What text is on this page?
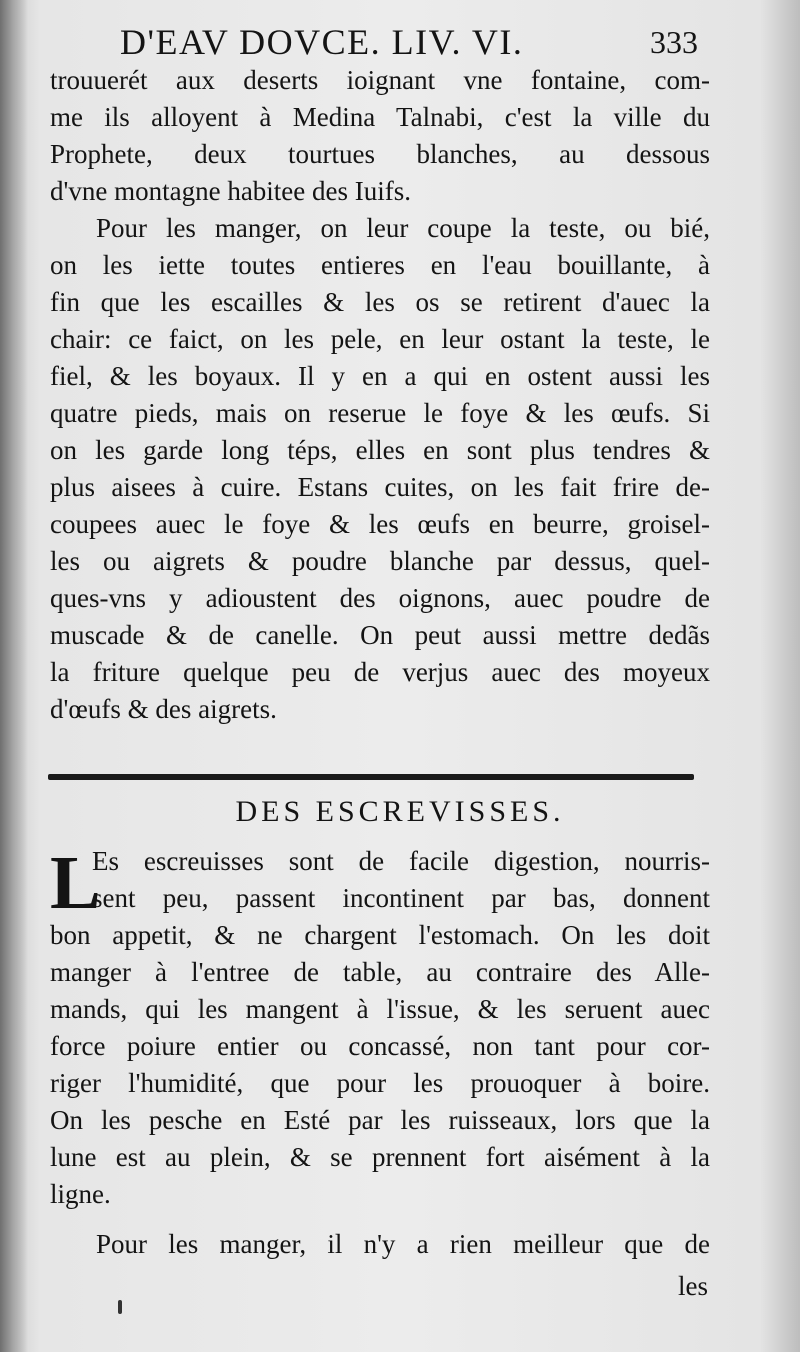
D'EAV DOVCE. LIV. VI.	333
trouuerét aux deserts ioignant vne fontaine, com-
me ils alloyent à Medina Talnabi, c'est la ville du
Prophete, deux tourtues blanches, au dessous
d'vne montagne habitee des Iuifs.
Pour les manger, on leur coupe la teste, ou bié,
on les iette toutes entieres en l'eau bouillante, à
fin que les escailles & les os se retirent d'auec la
chair: ce faict, on les pele, en leur ostant la teste, le
fiel, & les boyaux. Il y en a qui en ostent aussi les
quatre pieds, mais on reserue le foye & les œufs. Si
on les garde long téps, elles en sont plus tendres &
plus aisees à cuire. Estans cuites, on les fait frire de-
coupees auec le foye & les œufs en beurre, groisel-
les ou aigrets & poudre blanche par dessus, quel-
ques-vns y adioustent des oignons, auec poudre de
muscade & de canelle. On peut aussi mettre dedãs
la friture quelque peu de verjus auec des moyeux
d'œufs & des aigrets.
DES ESCREVISSES.
L
Es escreuisses sont de facile digestion, nourris-
sent peu, passent incontinent par bas, donnent
bon appetit, & ne chargent l'estomach. On les doit
manger à l'entree de table, au contraire des Alle-
mands, qui les mangent à l'issue, & les seruent auec
force poiure entier ou concassé, non tant pour cor-
riger l'humidité, que pour les prouoquer à boire.
On les pesche en Esté par les ruisseaux, lors que la
lune est au plein, & se prennent fort aisément à la
ligne.
Pour les manger, il n'y a rien meilleur que de
les
